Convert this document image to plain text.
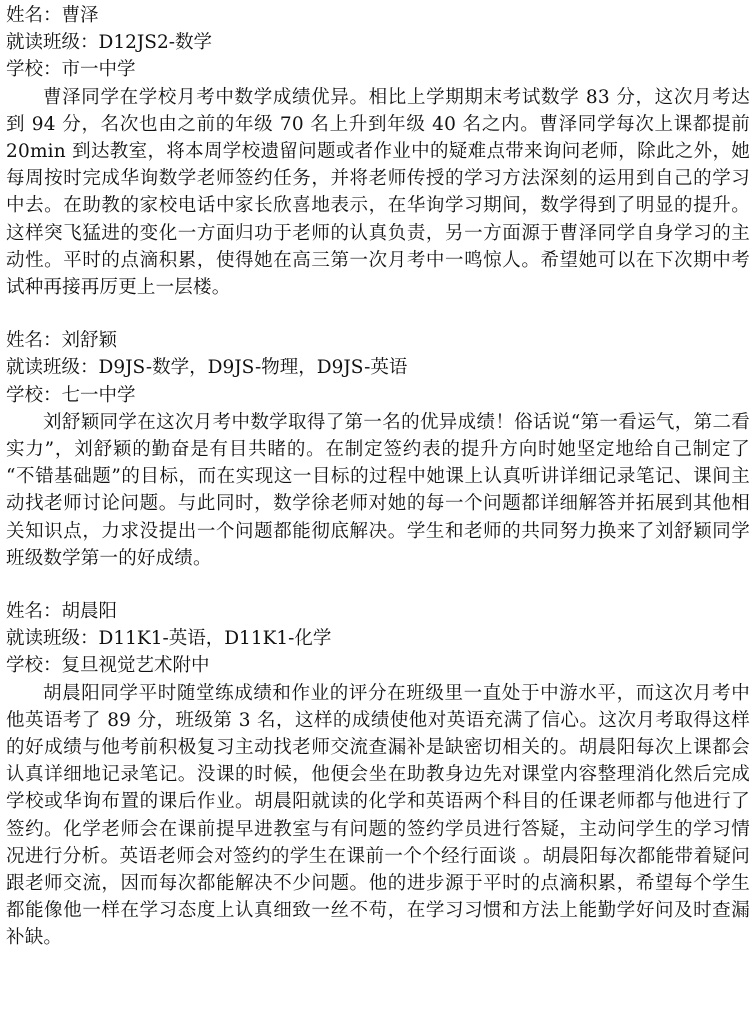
姓名：曹泽
就读班级：D12JS2-数学
学校：市一中学

曹泽同学在学校月考中数学成绩优异。相比上学期期末考试数学 83 分，这次月考达到 94 分，名次也由之前的年级 70 名上升到年级 40 名之内。曹泽同学每次上课都提前 20min 到达教室，将本周学校遗留问题或者作业中的疑难点带来询问老师，除此之外，她每周按时完成华询数学老师签约任务，并将老师传授的学习方法深刻的运用到自己的学习中去。在助教的家校电话中家长欣喜地表示，在华询学习期间，数学得到了明显的提升。这样突飞猛进的变化一方面归功于老师的认真负责，另一方面源于曹泽同学自身学习的主动性。平时的点滴积累，使得她在高三第一次月考中一鸣惊人。希望她可以在下次期中考试种再接再厉更上一层楼。

姓名：刘舒颖
就读班级：D9JS-数学，D9JS-物理，D9JS-英语
学校：七一中学

刘舒颖同学在这次月考中数学取得了第一名的优异成绩！俗话说“第一看运气，第二看实力”，刘舒颖的勤奋是有目共睹的。在制定签约表的提升方向时她坚定地给自己制定了 “不错基础题”的目标，而在实现这一目标的过程中她课上认真听讲详细记录笔记、课间主动找老师讨论问题。与此同时，数学徐老师对她的每一个问题都详细解答并拓展到其他相关知识点，力求没提出一个问题都能彻底解决。学生和老师的共同努力换来了刘舒颖同学班级数学第一的好成绩。

姓名：胡晨阳
就读班级：D11K1-英语，D11K1-化学
学校：复旦视觉艺术附中

胡晨阳同学平时随堂练成绩和作业的评分在班级里一直处于中游水平，而这次月考中他英语考了 89 分，班级第 3 名，这样的成绩使他对英语充满了信心。这次月考取得这样的好成绩与他考前积极复习主动找老师交流查漏补是缺密切相关的。胡晨阳每次上课都会认真详细地记录笔记。没课的时候，他便会坐在助教身边先对课堂内容整理消化然后完成学校或华询布置的课后作业。胡晨阳就读的化学和英语两个科目的任课老师都与他进行了签约。化学老师会在课前提早进教室与有问题的签约学员进行答疑，主动问学生的学习情况进行分析。英语老师会对签约的学生在课前一个个经行面谈 。胡晨阳每次都能带着疑问跟老师交流，因而每次都能解决不少问题。他的进步源于平时的点滴积累，希望每个学生都能像他一样在学习态度上认真细致一丝不苟，在学习习惯和方法上能勤学好问及时查漏补缺。
